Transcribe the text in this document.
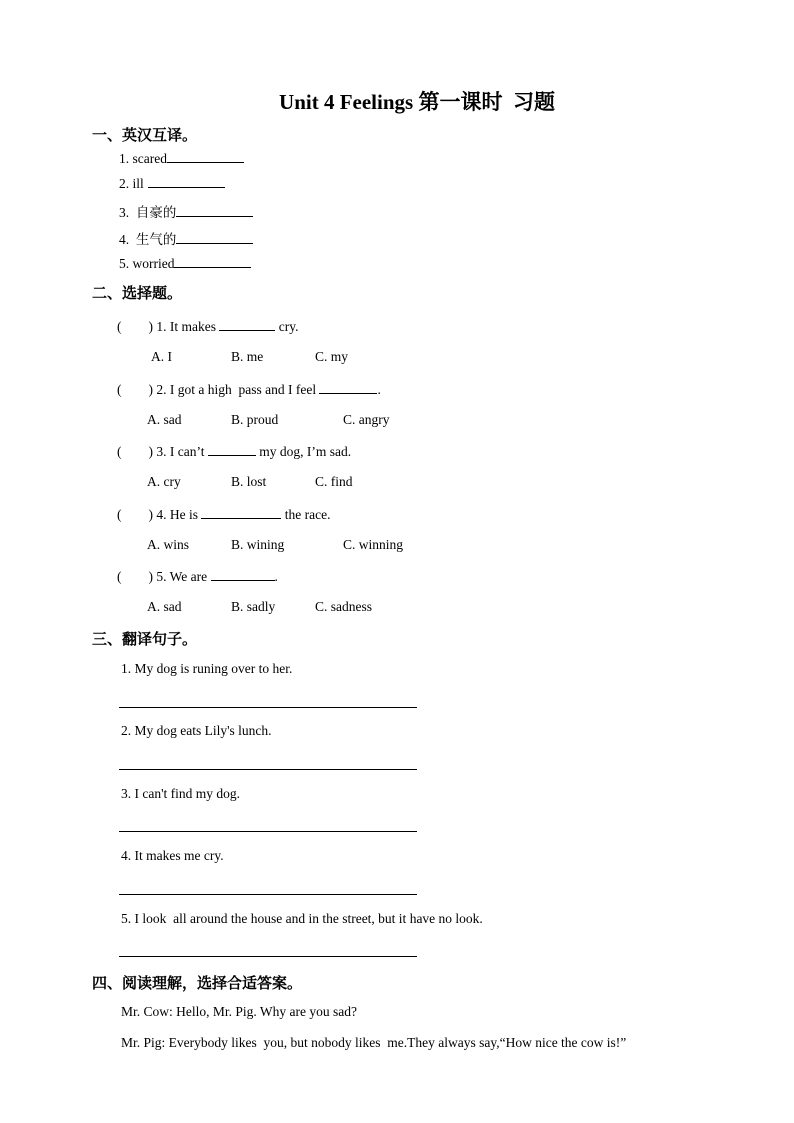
Unit 4 Feelings 第一课时  习题
一、英汉互译。
1. scared
2. ill
3.  自豪的
4.  生气的
5. worried
二、选择题。
(        ) 1. It makes	cry.
A. I	B. me	C. my
(        ) 2. I got a high  pass and I feel	.
A. sad	B. proud	C. angry
(        ) 3. I can’t	my dog, I’m sad.
A. cry	B. lost	C. find
(        ) 4. He is	the race.
A. wins	B. wining	C. winning
(        ) 5. We are	.
A. sad	B. sadly	C. sadness
三、翻译句子。
1. My dog is runing over to her.
2. My dog eats Lily's lunch.
3. I can't find my dog.
4. It makes me cry.
5. I look  all around the house and in the street, but it have no look.
四、阅读理解，选择合适答案。
Mr. Cow: Hello, Mr. Pig. Why are you sad?
Mr. Pig: Everybody likes  you, but nobody likes  me.They always say,“How nice the cow is!”
